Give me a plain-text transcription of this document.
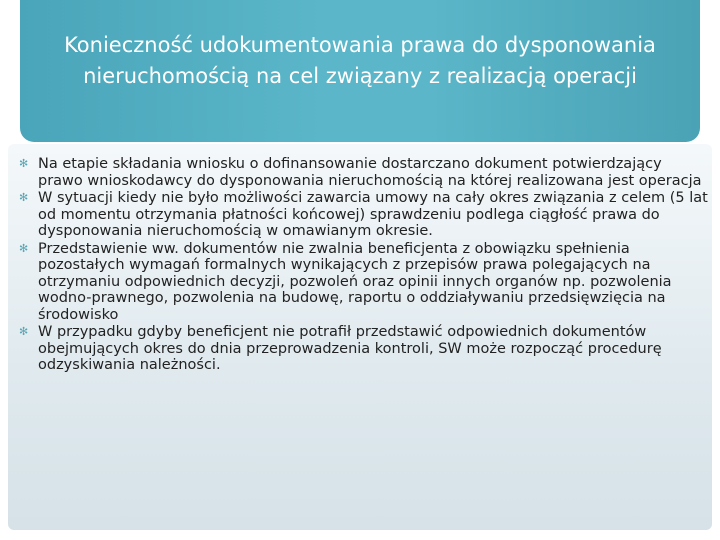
Konieczność udokumentowania prawa do dysponowania nieruchomością na cel związany z realizacją operacji
✻ Na etapie składania wniosku o dofinansowanie dostarczano dokument potwierdzający prawo wnioskodawcy do dysponowania nieruchomością na której realizowana jest operacja
✻ W sytuacji kiedy nie było możliwości zawarcia umowy na cały okres związania z celem (5 lat od momentu otrzymania płatności końcowej) sprawdzeniu podlega ciągłość prawa do dysponowania nieruchomością w omawianym okresie.
✻ Przedstawienie ww. dokumentów nie zwalnia beneficjenta z obowiązku spełnienia pozostałych wymagań formalnych wynikających z przepisów prawa polegających na otrzymaniu odpowiednich decyzji, pozwoleń oraz opinii innych organów np. pozwolenia wodno-prawnego, pozwolenia na budowę, raportu o oddziaływaniu przedsięwzięcia na środowisko
✻ W przypadku gdyby beneficjent nie potrafił przedstawić odpowiednich dokumentów obejmujących okres do dnia przeprowadzenia kontroli, SW może rozpocząć procedurę odzyskiwania należności.
